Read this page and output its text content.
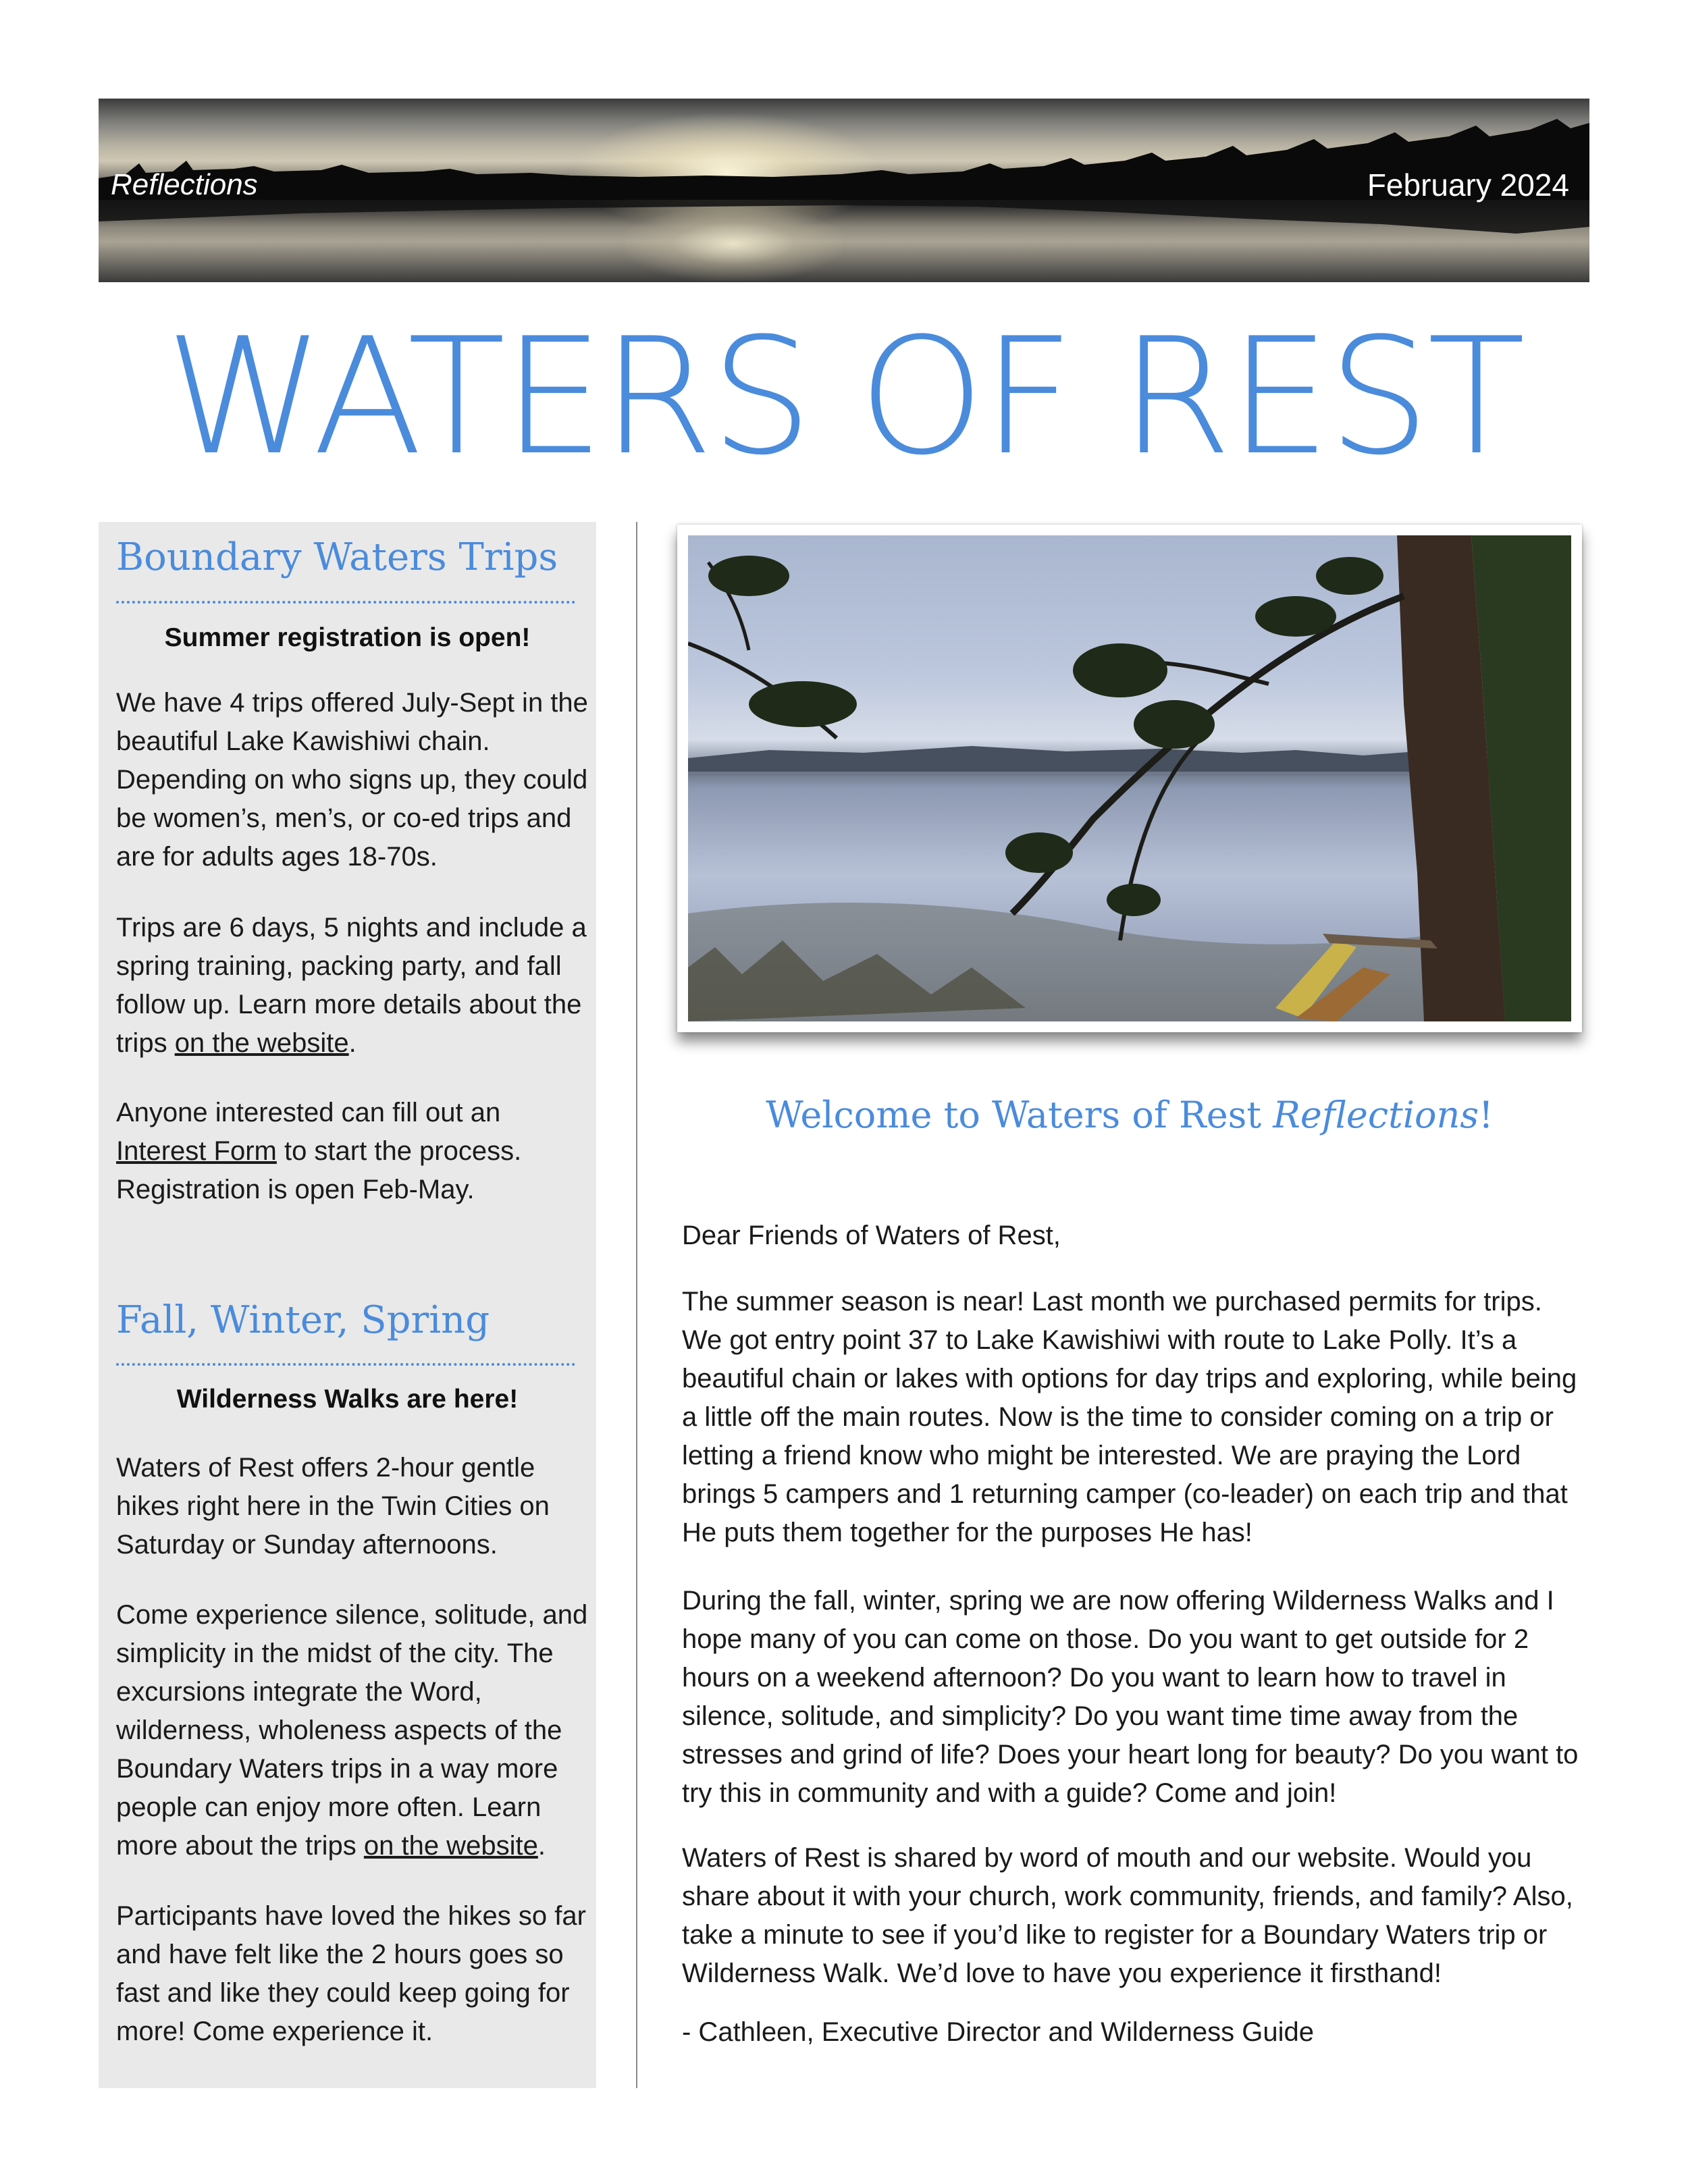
Reflections	February 2024
WATERS OF REST
Boundary Waters Trips
Summer registration is open!
We have 4 trips offered July-Sept in the beautiful Lake Kawishiwi chain. Depending on who signs up, they could be women’s, men’s, or co-ed trips and are for adults ages 18-70s.
Trips are 6 days, 5 nights and include a spring training, packing party, and fall follow up. Learn more details about the trips on the website.
Anyone interested can fill out an Interest Form to start the process. Registration is open Feb-May.
Fall, Winter, Spring
Wilderness Walks are here!
Waters of Rest offers 2-hour gentle hikes right here in the Twin Cities on Saturday or Sunday afternoons.
Come experience silence, solitude, and simplicity in the midst of the city. The excursions integrate the Word, wilderness, wholeness aspects of the Boundary Waters trips in a way more people can enjoy more often. Learn more about the trips on the website.
Participants have loved the hikes so far and have felt like the 2 hours goes so fast and like they could keep going for more! Come experience it.
Welcome to Waters of Rest Reflections!
Dear Friends of Waters of Rest,
The summer season is near! Last month we purchased permits for trips. We got entry point 37 to Lake Kawishiwi with route to Lake Polly. It’s a beautiful chain or lakes with options for day trips and exploring, while being a little off the main routes. Now is the time to consider coming on a trip or letting a friend know who might be interested. We are praying the Lord brings 5 campers and 1 returning camper (co-leader) on each trip and that He puts them together for the purposes He has!
During the fall, winter, spring we are now offering Wilderness Walks and I hope many of you can come on those. Do you want to get outside for 2 hours on a weekend afternoon? Do you want to learn how to travel in silence, solitude, and simplicity? Do you want time time away from the stresses and grind of life? Does your heart long for beauty? Do you want to try this in community and with a guide? Come and join!
Waters of Rest is shared by word of mouth and our website. Would you share about it with your church, work community, friends, and family? Also, take a minute to see if you’d like to register for a Boundary Waters trip or Wilderness Walk. We’d love to have you experience it firsthand!
- Cathleen, Executive Director and Wilderness Guide
